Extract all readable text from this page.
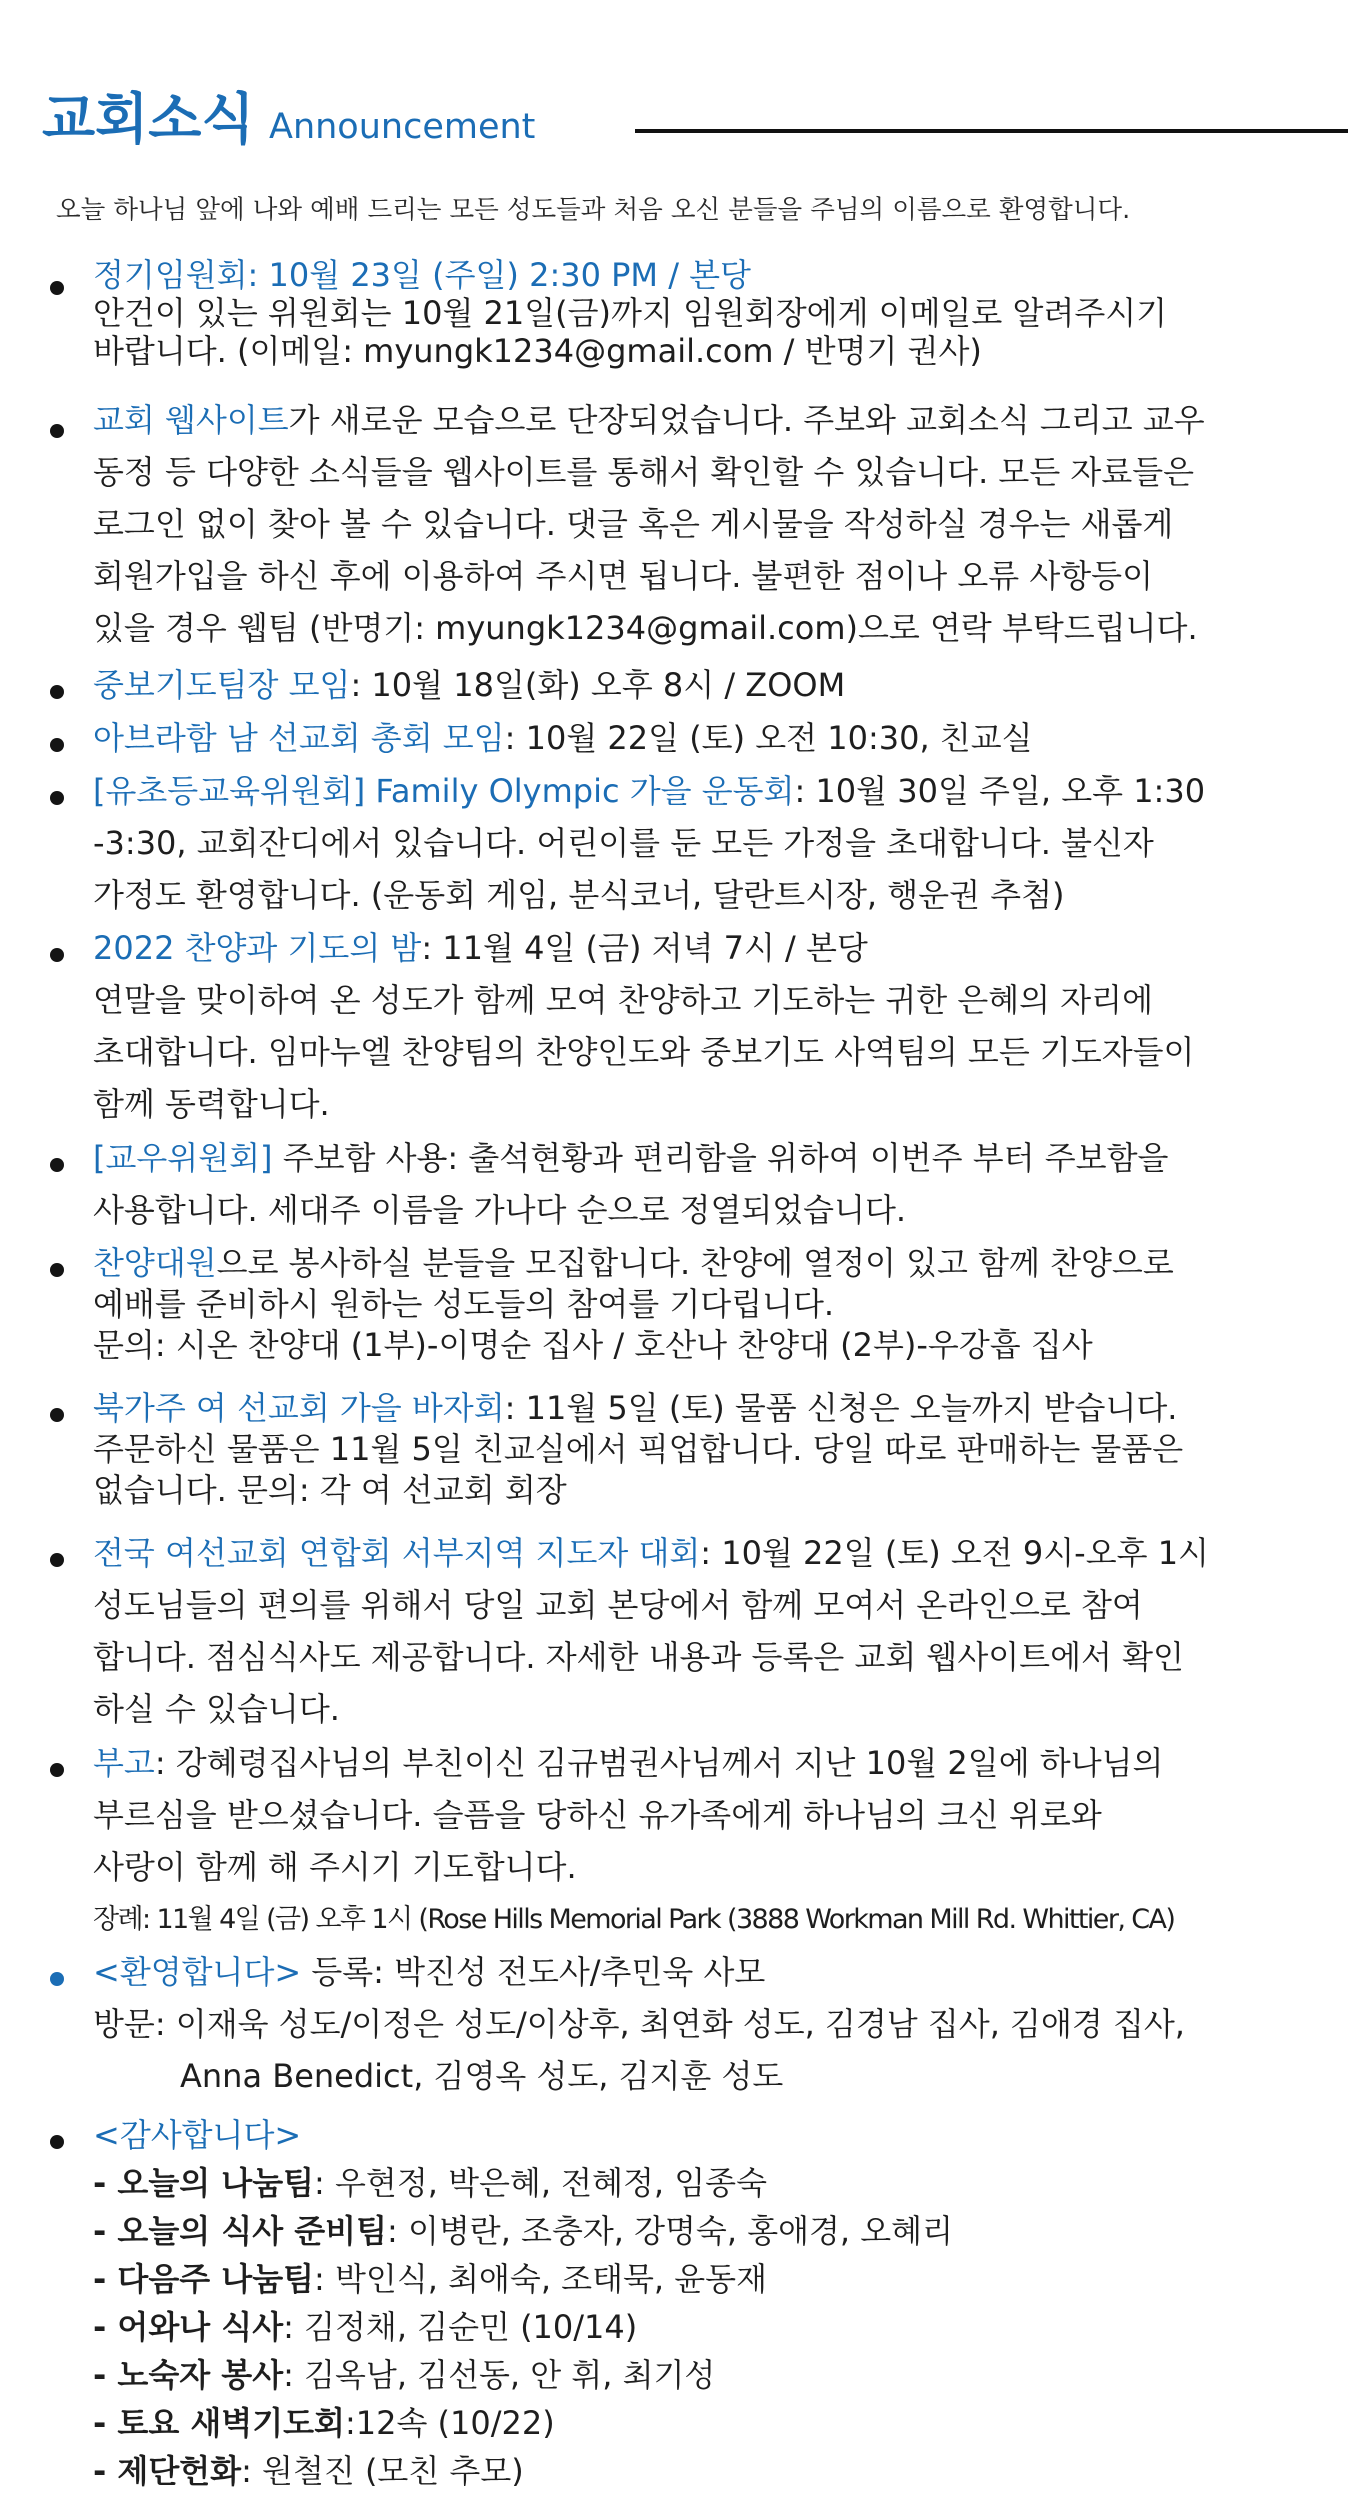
교회소식 Announcement
오늘 하나님 앞에 나와 예배 드리는 모든 성도들과 처음 오신 분들을 주님의 이름으로 환영합니다.
정기임원회: 10월 23일 (주일) 2:30 PM / 본당
안건이 있는 위원회는 10월 21일(금)까지 임원회장에게 이메일로 알려주시기
바랍니다. (이메일: myungk1234@gmail.com / 반명기 권사)
교회 웹사이트가 새로운 모습으로 단장되었습니다. 주보와 교회소식 그리고 교우
동정 등 다양한 소식들을 웹사이트를 통해서 확인할 수 있습니다. 모든 자료들은
로그인 없이 찾아 볼 수 있습니다. 댓글 혹은 게시물을 작성하실 경우는 새롭게
회원가입을 하신 후에 이용하여 주시면 됩니다. 불편한 점이나 오류 사항등이
있을 경우 웹팀 (반명기: myungk1234@gmail.com)으로 연락 부탁드립니다.
중보기도팀장 모임: 10월 18일(화) 오후 8시 / ZOOM
아브라함 남 선교회 총회 모임: 10월 22일 (토) 오전 10:30, 친교실
[유초등교육위원회] Family Olympic 가을 운동회: 10월 30일 주일, 오후 1:30
-3:30, 교회잔디에서 있습니다. 어린이를 둔 모든 가정을 초대합니다. 불신자
가정도 환영합니다. (운동회 게임, 분식코너, 달란트시장, 행운권 추첨)
2022 찬양과 기도의 밤: 11월 4일 (금) 저녁 7시 / 본당
연말을 맞이하여 온 성도가 함께 모여 찬양하고 기도하는 귀한 은혜의 자리에
초대합니다. 임마누엘 찬양팀의 찬양인도와 중보기도 사역팀의 모든 기도자들이
함께 동력합니다.
[교우위원회] 주보함 사용: 출석현황과 편리함을 위하여 이번주 부터 주보함을
사용합니다. 세대주 이름을 가나다 순으로 정열되었습니다.
찬양대원으로 봉사하실 분들을 모집합니다. 찬양에 열정이 있고 함께 찬양으로
예배를 준비하시 원하는 성도들의 참여를 기다립니다.
문의: 시온 찬양대 (1부)-이명순 집사 / 호산나 찬양대 (2부)-우강흡 집사
북가주 여 선교회 가을 바자회: 11월 5일 (토) 물품 신청은 오늘까지 받습니다.
주문하신 물품은 11월 5일 친교실에서 픽업합니다. 당일 따로 판매하는 물품은
없습니다. 문의: 각 여 선교회 회장
전국 여선교회 연합회 서부지역 지도자 대회: 10월 22일 (토) 오전 9시-오후 1시
성도님들의 편의를 위해서 당일 교회 본당에서 함께 모여서 온라인으로 참여
합니다. 점심식사도 제공합니다. 자세한 내용과 등록은 교회 웹사이트에서 확인
하실 수 있습니다.
부고: 강혜령집사님의 부친이신 김규범권사님께서 지난 10월 2일에 하나님의
부르심을 받으셨습니다. 슬픔을 당하신 유가족에게 하나님의 크신 위로와
사랑이 함께 해 주시기 기도합니다.
장례: 11월 4일 (금) 오후 1시 (Rose Hills Memorial Park (3888 Workman Mill Rd. Whittier, CA)
<환영합니다> 등록: 박진성 전도사/추민욱 사모
방문: 이재욱 성도/이정은 성도/이상후, 최연화 성도, 김경남 집사, 김애경 집사,
Anna Benedict, 김영옥 성도, 김지훈 성도
<감사합니다>
- 오늘의 나눔팀: 우현정, 박은혜, 전혜정, 임종숙
- 오늘의 식사 준비팀: 이병란, 조충자, 강명숙, 홍애경, 오혜리
- 다음주 나눔팀: 박인식, 최애숙, 조태묵, 윤동재
- 어와나 식사: 김정채, 김순민 (10/14)
- 노숙자 봉사: 김옥남, 김선동, 안 휘, 최기성
- 토요 새벽기도회:12속 (10/22)
- 제단헌화: 원철진 (모친 추모)
